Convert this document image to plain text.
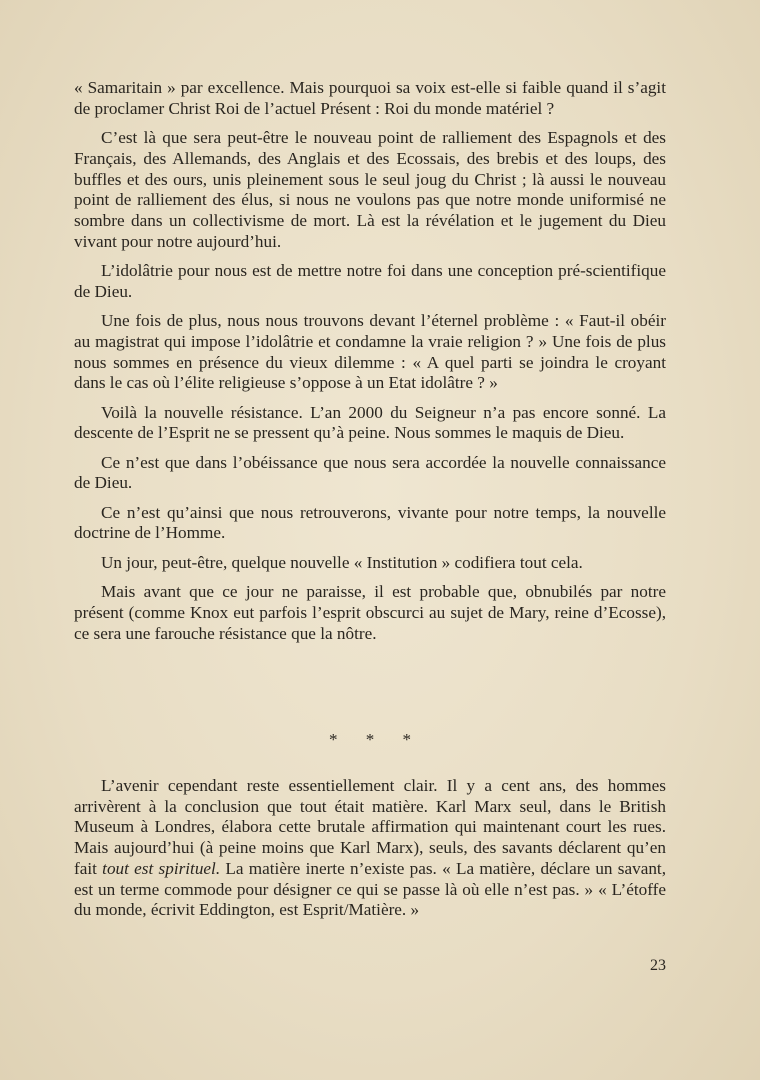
« Samaritain » par excellence. Mais pourquoi sa voix est-elle si faible quand il s’agit de proclamer Christ Roi de l’actuel Présent : Roi du monde matériel ?

C’est là que sera peut-être le nouveau point de ralliement des Espagnols et des Français, des Allemands, des Anglais et des Ecossais, des brebis et des loups, des buffles et des ours, unis pleinement sous le seul joug du Christ ; là aussi le nouveau point de ralliement des élus, si nous ne voulons pas que notre monde uniformisé ne sombre dans un collectivisme de mort. Là est la révélation et le jugement du Dieu vivant pour notre aujourd’hui.

L’idolâtrie pour nous est de mettre notre foi dans une conception pré-scientifique de Dieu.

Une fois de plus, nous nous trouvons devant l’éternel problème : « Faut-il obéir au magistrat qui impose l’idolâtrie et condamne la vraie religion ? » Une fois de plus nous sommes en présence du vieux dilemme : « A quel parti se joindra le croyant dans le cas où l’élite religieuse s’oppose à un Etat idolâtre ? »

Voilà la nouvelle résistance. L’an 2000 du Seigneur n’a pas encore sonné. La descente de l’Esprit ne se pressent qu’à peine. Nous sommes le maquis de Dieu.

Ce n’est que dans l’obéissance que nous sera accordée la nouvelle connaissance de Dieu.

Ce n’est qu’ainsi que nous retrouverons, vivante pour notre temps, la nouvelle doctrine de l’Homme.

Un jour, peut-être, quelque nouvelle « Institution » codifiera tout cela.

Mais avant que ce jour ne paraisse, il est probable que, obnubilés par notre présent (comme Knox eut parfois l’esprit obscurci au sujet de Mary, reine d’Ecosse), ce sera une farouche résistance que la nôtre.

* * *

L’avenir cependant reste essentiellement clair. Il y a cent ans, des hommes arrivèrent à la conclusion que tout était matière. Karl Marx seul, dans le British Museum à Londres, élabora cette brutale affirmation qui maintenant court les rues. Mais aujourd’hui (à peine moins que Karl Marx), seuls, des savants déclarent qu’en fait tout est spirituel. La matière inerte n’existe pas. « La matière, déclare un savant, est un terme commode pour désigner ce qui se passe là où elle n’est pas. » « L’étoffe du monde, écrivit Eddington, est Esprit/Matière. »

23
